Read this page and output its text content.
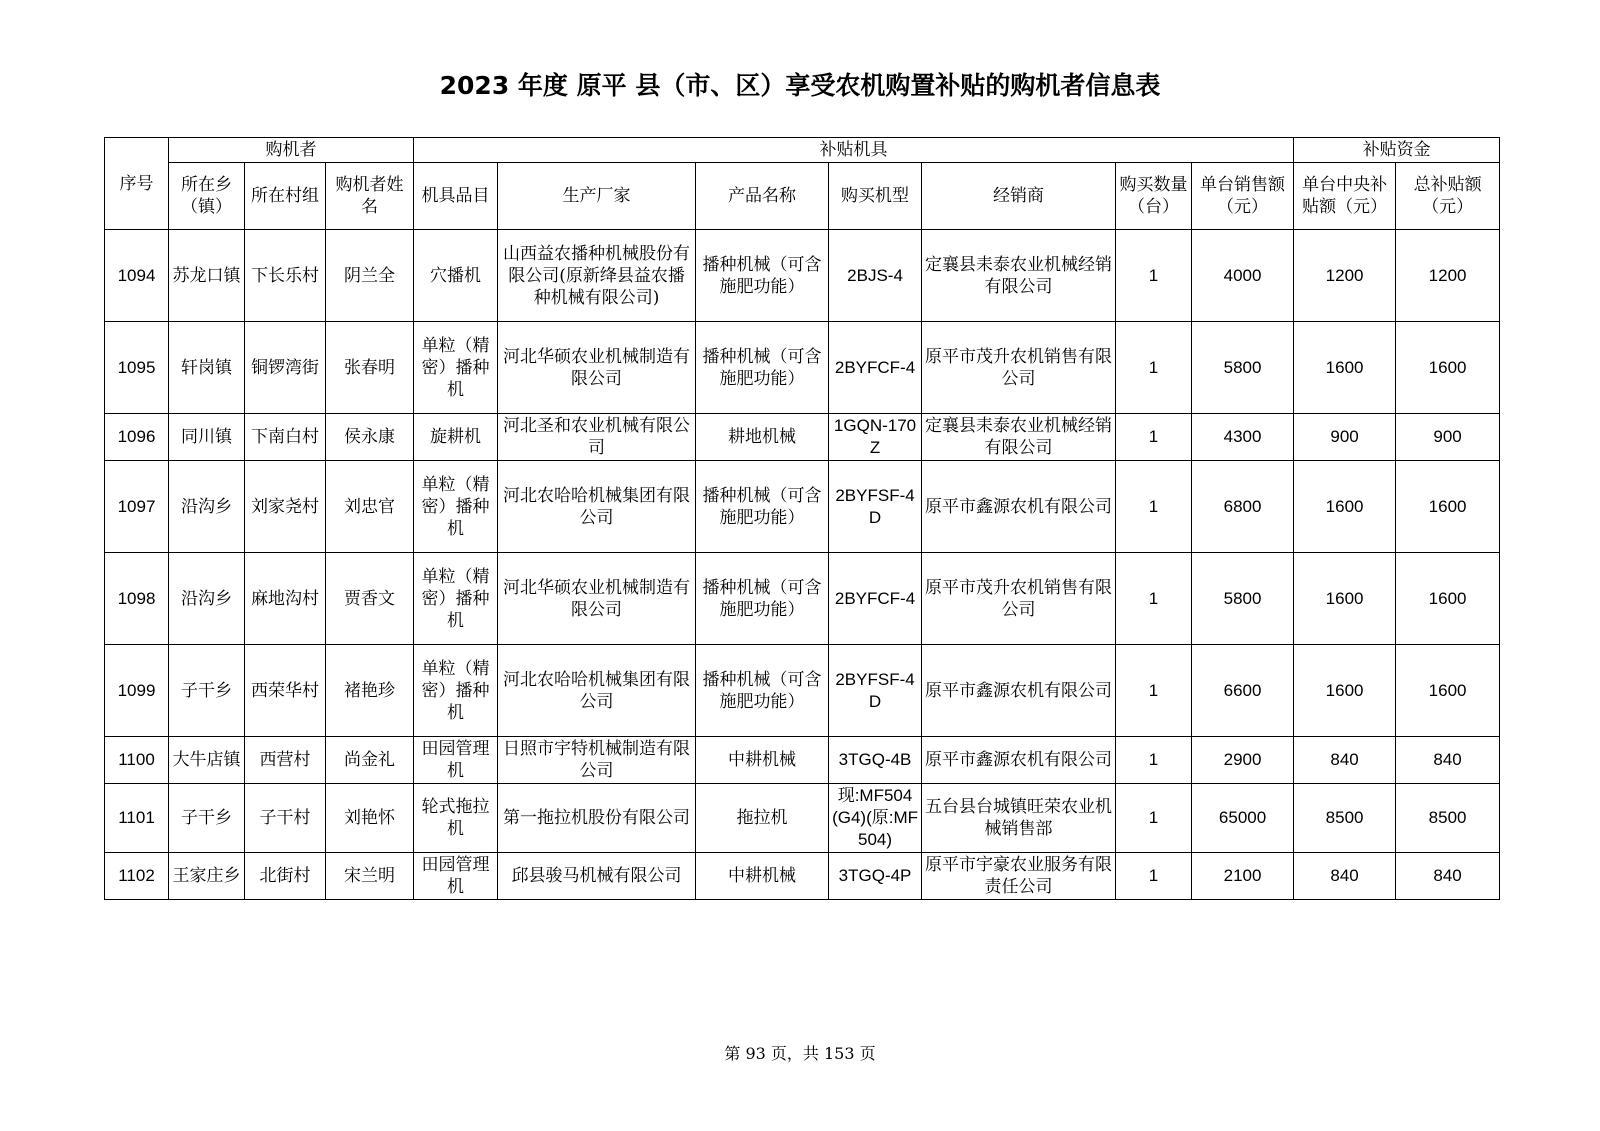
2023 年度 原平 县（市、区）享受农机购置补贴的购机者信息表
序号	购机者			补贴机具							补贴资金	
	所在乡（镇）	所在村组	购机者姓名	机具品目	生产厂家	产品名称	购买机型	经销商	购买数量（台）	单台销售额（元）	单台中央补贴额（元）	总补贴额（元）
1094	苏龙口镇	下长乐村	阴兰全	穴播机	山西益农播种机械股份有限公司(原新绛县益农播种机械有限公司)	播种机械（可含施肥功能）	2BJS-4	定襄县耒泰农业机械经销有限公司	1	4000	1200	1200
1095	轩岗镇	铜锣湾街	张春明	单粒（精密）播种机	河北华硕农业机械制造有限公司	播种机械（可含施肥功能）	2BYFCF-4	原平市茂升农机销售有限公司	1	5800	1600	1600
1096	同川镇	下南白村	侯永康	旋耕机	河北圣和农业机械有限公司	耕地机械	1GQN-170Z	定襄县耒泰农业机械经销有限公司	1	4300	900	900
1097	沿沟乡	刘家尧村	刘忠官	单粒（精密）播种机	河北农哈哈机械集团有限公司	播种机械（可含施肥功能）	2BYFSF-4D	原平市鑫源农机有限公司	1	6800	1600	1600
1098	沿沟乡	麻地沟村	贾香文	单粒（精密）播种机	河北华硕农业机械制造有限公司	播种机械（可含施肥功能）	2BYFCF-4	原平市茂升农机销售有限公司	1	5800	1600	1600
1099	子干乡	西荣华村	褚艳珍	单粒（精密）播种机	河北农哈哈机械集团有限公司	播种机械（可含施肥功能）	2BYFSF-4D	原平市鑫源农机有限公司	1	6600	1600	1600
1100	大牛店镇	西营村	尚金礼	田园管理机	日照市宇特机械制造有限公司	中耕机械	3TGQ-4B	原平市鑫源农机有限公司	1	2900	840	840
1101	子干乡	子干村	刘艳怀	轮式拖拉机	第一拖拉机股份有限公司	拖拉机	现:MF504(G4)(原:MF504)	五台县台城镇旺荣农业机械销售部	1	65000	8500	8500
1102	王家庄乡	北街村	宋兰明	田园管理机	邱县骏马机械有限公司	中耕机械	3TGQ-4P	原平市宇豪农业服务有限责任公司	1	2100	840	840
第 93 页，共 153 页
